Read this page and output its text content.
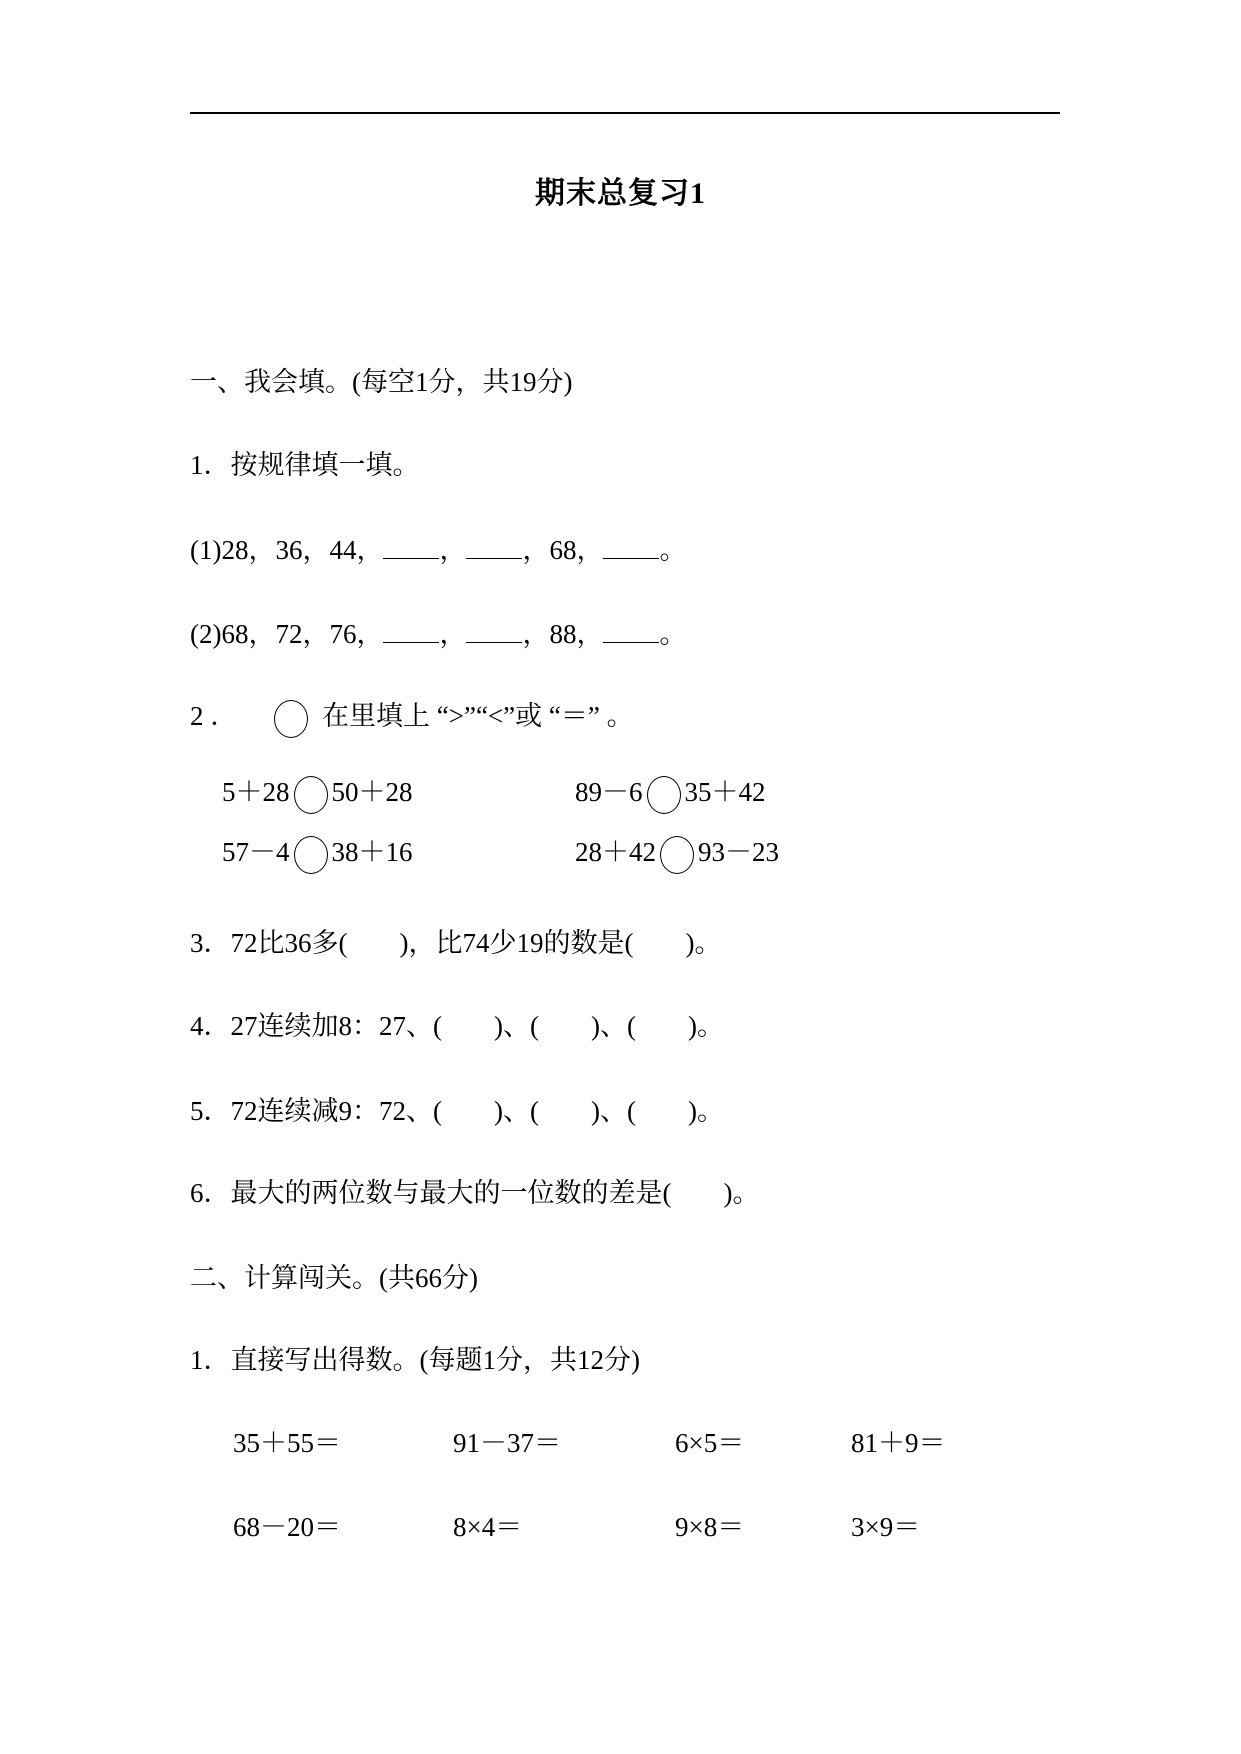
期末总复习1
一、我会填。(每空1分，共19分)
1．按规律填一填。
(1)28，36，44， ， ，68， 。
(2)68，72，76， ， ，88， 。
2 ．	在里填上 “>”“<”或 “＝” 。
5＋28 50＋28	89－6 35＋42
57－4 38＋16	28＋42 93－23
3．72比36多( )，比74少19的数是( )。
4．27连续加8：27、( )、( )、( )。
5．72连续减9：72、( )、( )、( )。
6．最大的两位数与最大的一位数的差是( )。
二、计算闯关。(共66分)
1．直接写出得数。(每题1分，共12分)
35＋55＝	91－37＝	6×5＝	81＋9＝
68－20＝	8×4＝	9×8＝	3×9＝
